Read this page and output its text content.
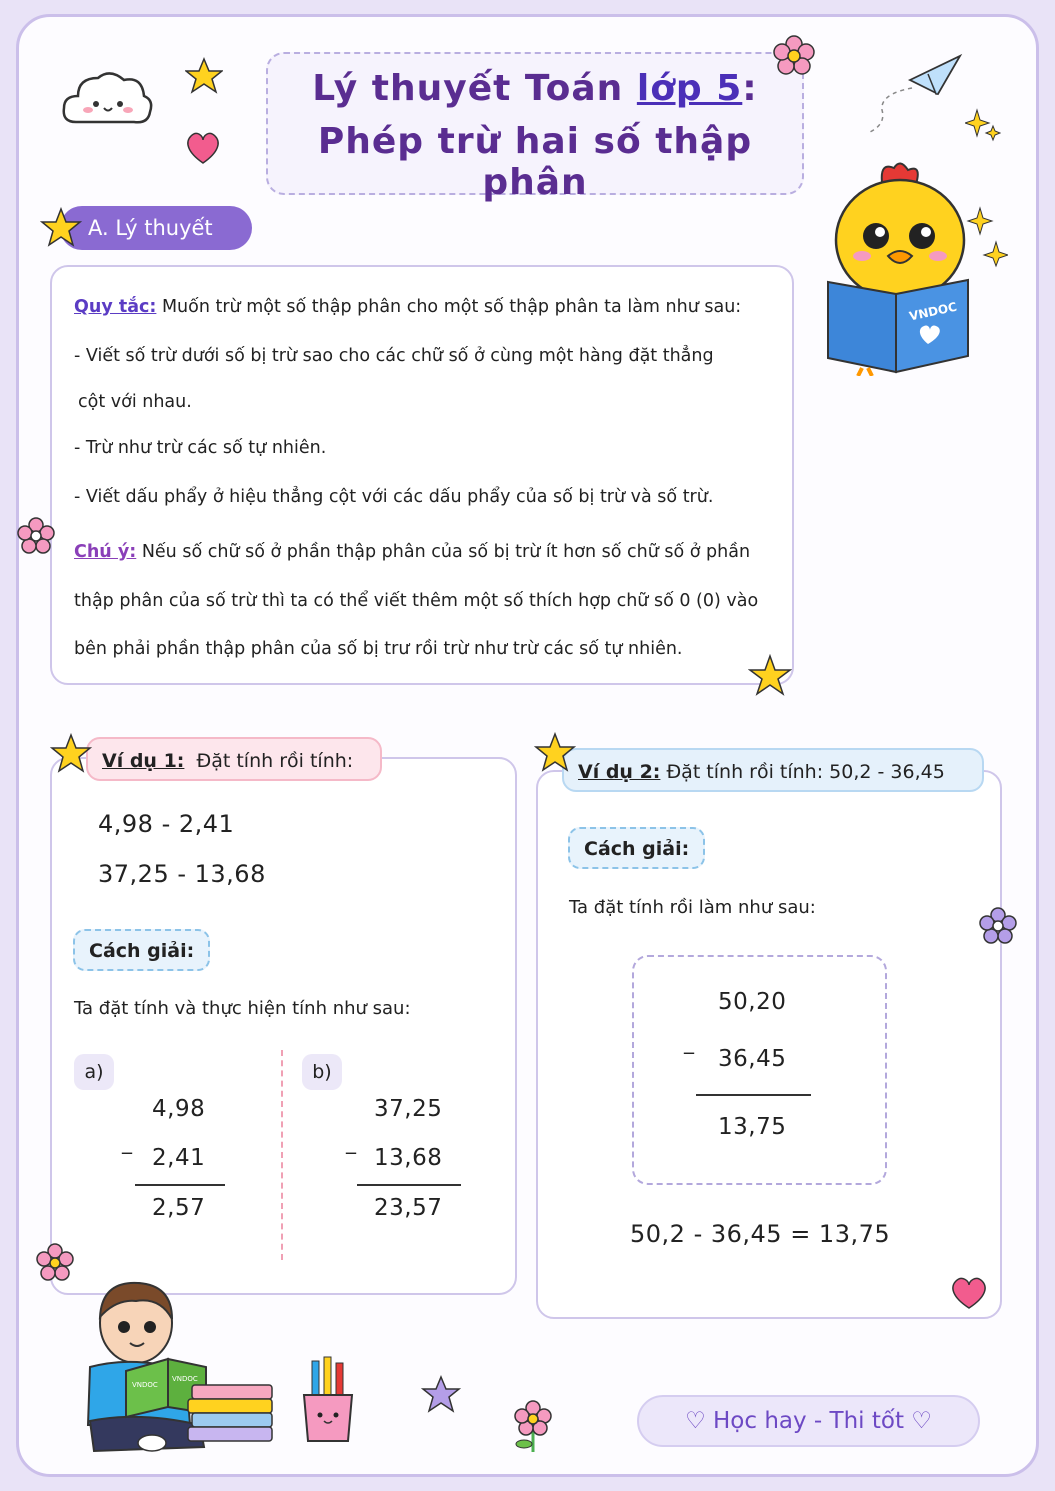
Lý thuyết Toán lớp 5:
Phép trừ hai số thập phân
VNDOC
A. Lý thuyết
Quy tắc: Muốn trừ một số thập phân cho một số thập phân ta làm như sau:
- Viết số trừ dưới số bị trừ sao cho các chữ số ở cùng một hàng đặt thẳng
cột với nhau.
- Trừ như trừ các số tự nhiên.
- Viết dấu phẩy ở hiệu thẳng cột với các dấu phẩy của số bị trừ và số trừ.
Chú ý: Nếu số chữ số ở phần thập phân của số bị trừ ít hơn số chữ số ở phần
thập phân của số trừ thì ta có thể viết thêm một số thích hợp chữ số 0 (0) vào
bên phải phần thập phân của số bị trư rồi trừ như trừ các số tự nhiên.
Ví dụ 1: Đặt tính rồi tính:
4,98 - 2,41
37,25 - 13,68
Cách giải:
Ta đặt tính và thực hiện tính như sau:
a)
4,98
_
2,41
2,57
b)
37,25
_
13,68
23,57
Ví dụ 2: Đặt tính rồi tính: 50,2 - 36,45
Cách giải:
Ta đặt tính rồi làm như sau:
50,20
_
36,45
13,75
50,2 - 36,45 = 13,75
VNDOC
VNDOC
♡ Học hay - Thi tốt ♡
